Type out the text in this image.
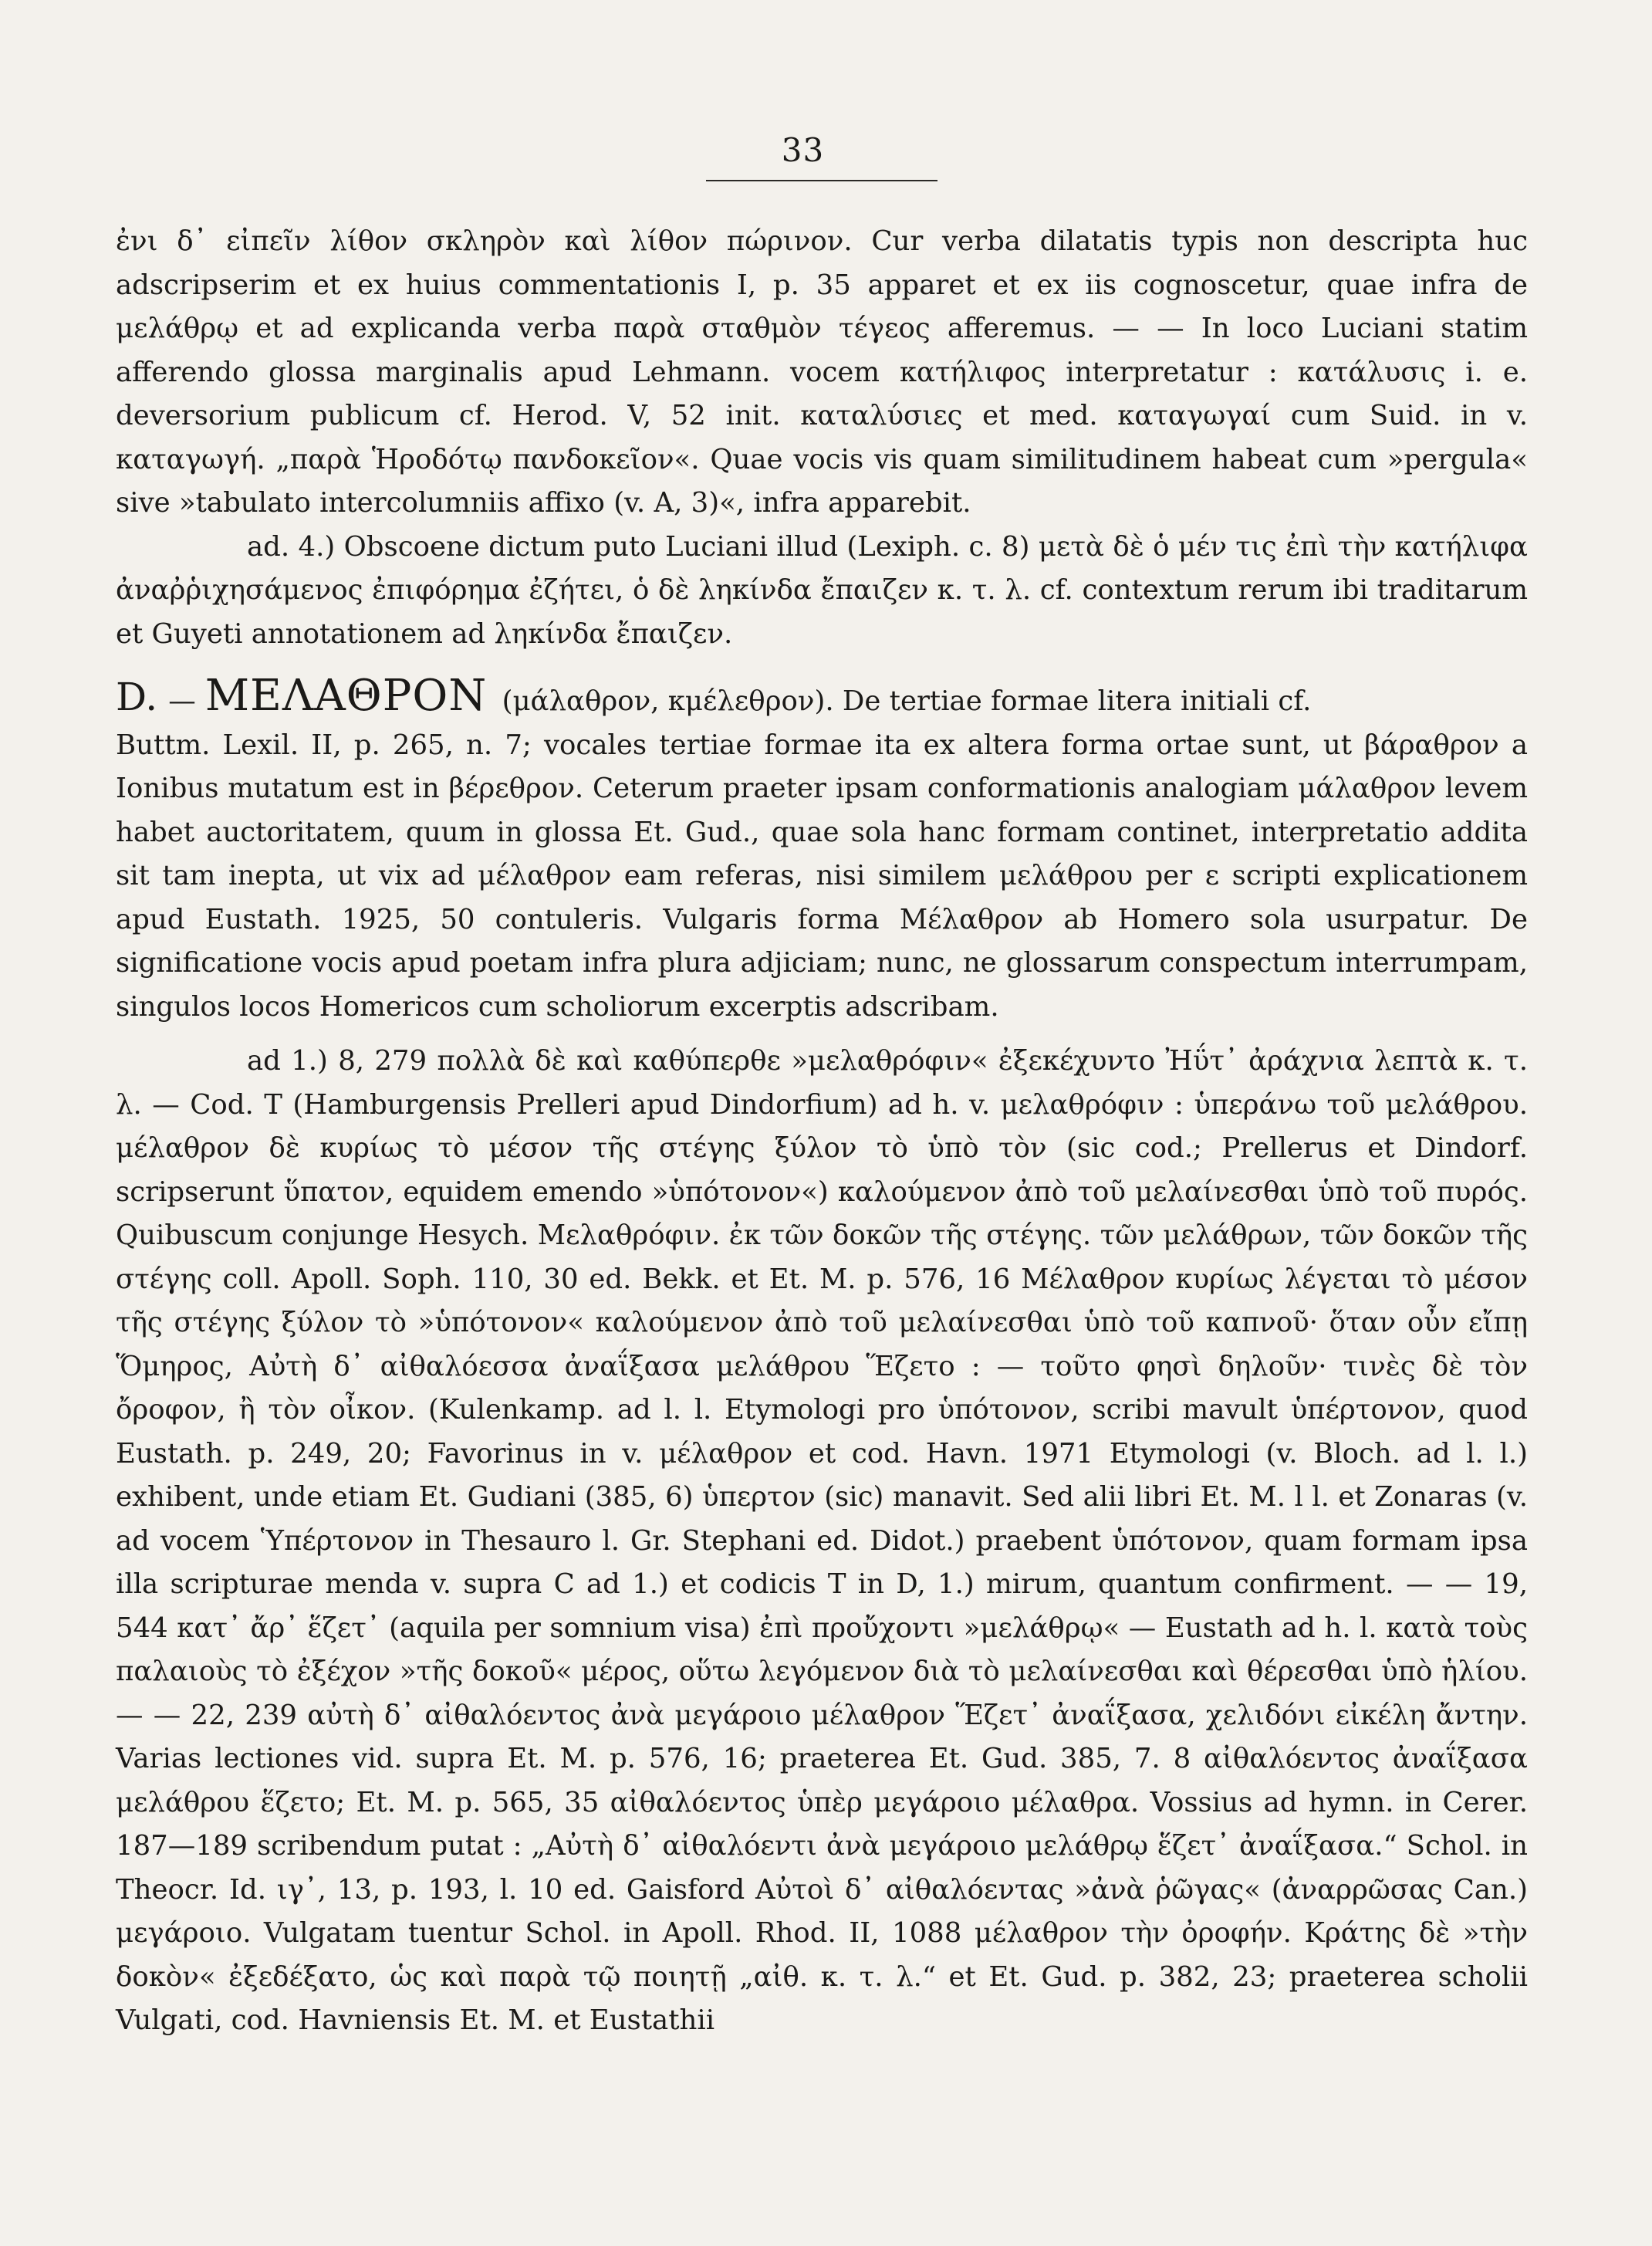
33

ἐνι δ᾽ εἰπεῖν λίθον σκληρὸν καὶ λίθον πώρινον. Cur verba dilatatis typis non descripta huc adscripserim et ex huius commentationis I, p. 35 apparet et ex iis cognoscetur, quae infra de μελάθρῳ et ad explicanda verba παρὰ σταθμὸν τέγεος afferemus. — — In loco Luciani statim afferendo glossa marginalis apud Lehmann. vocem κατήλιφος interpretatur : κατάλυσις i. e. deversorium publicum cf. Herod. V, 52 init. καταλύσιες et med. καταγωγαί cum Suid. in v. καταγωγή. „παρὰ Ἡροδότῳ πανδοκεῖον«. Quae vocis vis quam similitudinem habeat cum »pergula« sive »tabulato intercolumniis affixo (v. A, 3)«, infra apparebit.

ad. 4.) Obscoene dictum puto Luciani illud (Lexiph. c. 8) μετὰ δὲ ὁ μέν τις ἐπὶ τὴν κατήλιφα ἀναῤῥιχησάμενος ἐπιφόρημα ἐζήτει, ὁ δὲ ληκίνδα ἔπαιζεν κ. τ. λ. cf. contextum rerum ibi traditarum et Guyeti annotationem ad ληκίνδα ἔπαιζεν.

D. — ΜΕΛΑΘΡΟΝ (μάλαθρον, κμέλεθρον). De tertiae formae litera initiali cf.

Buttm. Lexil. II, p. 265, n. 7; vocales tertiae formae ita ex altera forma ortae sunt, ut βάραθρον a Ionibus mutatum est in βέρεθρον. Ceterum praeter ipsam conformationis analogiam μάλαθρον levem habet auctoritatem, quum in glossa Et. Gud., quae sola hanc formam continet, interpretatio addita sit tam inepta, ut vix ad μέλαθρον eam referas, nisi similem μελάθρου per ε scripti explicationem apud Eustath. 1925, 50 contuleris. Vulgaris forma Μέλαθρον ab Homero sola usurpatur. De significatione vocis apud poetam infra plura adjiciam; nunc, ne glossarum conspectum interrumpam, singulos locos Homericos cum scholiorum excerptis adscribam.

ad 1.) 8, 279 πολλὰ δὲ καὶ καθύπερθε »μελαθρόφιν« ἐξεκέχυντο Ἠΰτ᾽ ἀράχνια λεπτὰ κ. τ. λ. — Cod. T (Hamburgensis Prelleri apud Dindorfium) ad h. v. μελαθρόφιν : ὑπεράνω τοῦ μελάθρου. μέλαθρον δὲ κυρίως τὸ μέσον τῆς στέγης ξύλον τὸ ὑπὸ τὸν (sic cod.; Prellerus et Dindorf. scripserunt ὕπατον, equidem emendo »ὑπότονον«) καλούμενον ἀπὸ τοῦ μελαίνεσθαι ὑπὸ τοῦ πυρός. Quibuscum conjunge Hesych. Μελαθρόφιν. ἐκ τῶν δοκῶν τῆς στέγης. τῶν μελάθρων, τῶν δοκῶν τῆς στέγης coll. Apoll. Soph. 110, 30 ed. Bekk. et Et. M. p. 576, 16 Μέλαθρον κυρίως λέγεται τὸ μέσον τῆς στέγης ξύλον τὸ »ὑπότονον« καλούμενον ἀπὸ τοῦ μελαίνεσθαι ὑπὸ τοῦ καπνοῦ· ὅταν οὖν εἴπῃ Ὅμηρος, Αὐτὴ δ᾽ αἰθαλόεσσα ἀναΐξασα μελάθρου Ἕζετο : — τοῦτο φησὶ δηλοῦν· τινὲς δὲ τὸν ὄροφον, ἢ τὸν οἶκον. (Kulenkamp. ad l. l. Etymologi pro ὑπότονον, scribi mavult ὑπέρτονον, quod Eustath. p. 249, 20; Favorinus in v. μέλαθρον et cod. Havn. 1971 Etymologi (v. Bloch. ad l. l.) exhibent, unde etiam Et. Gudiani (385, 6) ὑπερτον (sic) manavit. Sed alii libri Et. M. l l. et Zonaras (v. ad vocem Ὑπέρτονον in Thesauro l. Gr. Stephani ed. Didot.) praebent ὑπότονον, quam formam ipsa illa scripturae menda v. supra C ad 1.) et codicis T in D, 1.) mirum, quantum confirment. — — 19, 544 κατ᾽ ἄρ᾽ ἕζετ᾽ (aquila per somnium visa) ἐπὶ προὔχοντι »μελάθρῳ« — Eustath ad h. l. κατὰ τοὺς παλαιοὺς τὸ ἐξέχον »τῆς δοκοῦ« μέρος, οὕτω λεγόμενον διὰ τὸ μελαίνεσθαι καὶ θέρεσθαι ὑπὸ ἡλίου. — — 22, 239 αὐτὴ δ᾽ αἰθαλόεντος ἀνὰ μεγάροιο μέλαθρον Ἕζετ᾽ ἀναΐξασα, χελιδόνι εἰκέλη ἄντην. Varias lectiones vid. supra Et. M. p. 576, 16; praeterea Et. Gud. 385, 7. 8 αἰθαλόεντος ἀναΐξασα μελάθρου ἕζετο; Et. M. p. 565, 35 αἰθαλόεντος ὑπὲρ μεγάροιο μέλαθρα. Vossius ad hymn. in Cerer. 187—189 scribendum putat : „Αὐτὴ δ᾽ αἰθαλόεντι ἀνὰ μεγάροιο μελάθρῳ ἕζετ᾽ ἀναΐξασα.“ Schol. in Theocr. Id. ιγ᾽, 13, p. 193, l. 10 ed. Gaisford Αὐτοὶ δ᾽ αἰθαλόεντας »ἀνὰ ῥῶγας« (ἀναρρῶσας Can.) μεγάροιο. Vulgatam tuentur Schol. in Apoll. Rhod. II, 1088 μέλαθρον τὴν ὀροφήν. Κράτης δὲ »τὴν δοκὸν« ἐξεδέξατο, ὡς καὶ παρὰ τῷ ποιητῇ „αἰθ. κ. τ. λ.“ et Et. Gud. p. 382, 23; praeterea scholii Vulgati, cod. Havniensis Et. M. et Eustathii
